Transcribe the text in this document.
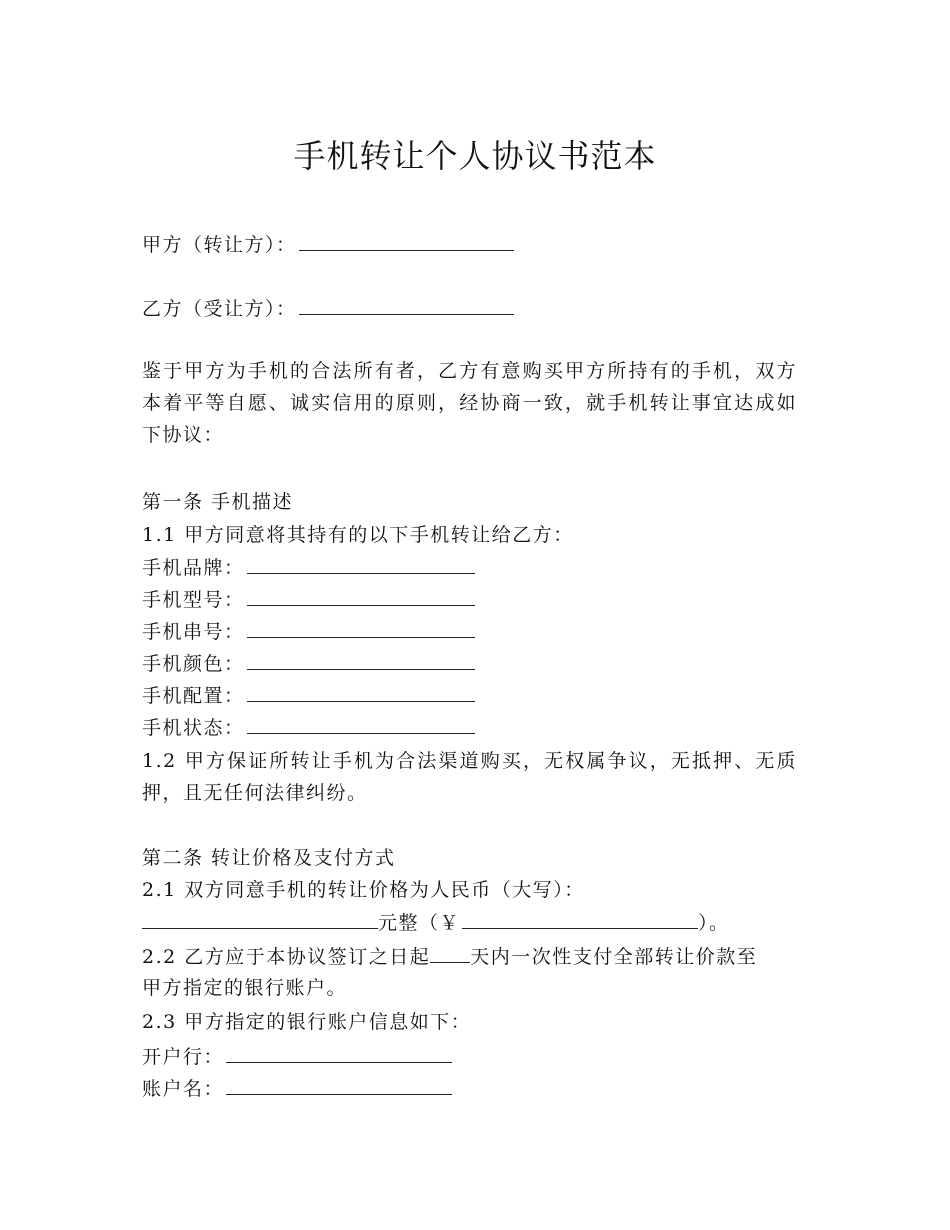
手机转让个人协议书范本
甲方（转让方）：
乙方（受让方）：

鉴于甲方为手机的合法所有者，乙方有意购买甲方所持有的手机，双方本着平等自愿、诚实信用的原则，经协商一致，就手机转让事宜达成如下协议：

第一条 手机描述
1.1 甲方同意将其持有的以下手机转让给乙方：
手机品牌：
手机型号：
手机串号：
手机颜色：
手机配置：
手机状态：

1.2 甲方保证所转让手机为合法渠道购买，无权属争议，无抵押、无质押，且无任何法律纠纷。

第二条 转让价格及支付方式
2.1 双方同意手机的转让价格为人民币（大写）：
元整（￥	）。
2.2 乙方应于本协议签订之日起 天内一次性支付全部转让价款至
甲方指定的银行账户。
2.3 甲方指定的银行账户信息如下：
开户行：
账户名：
